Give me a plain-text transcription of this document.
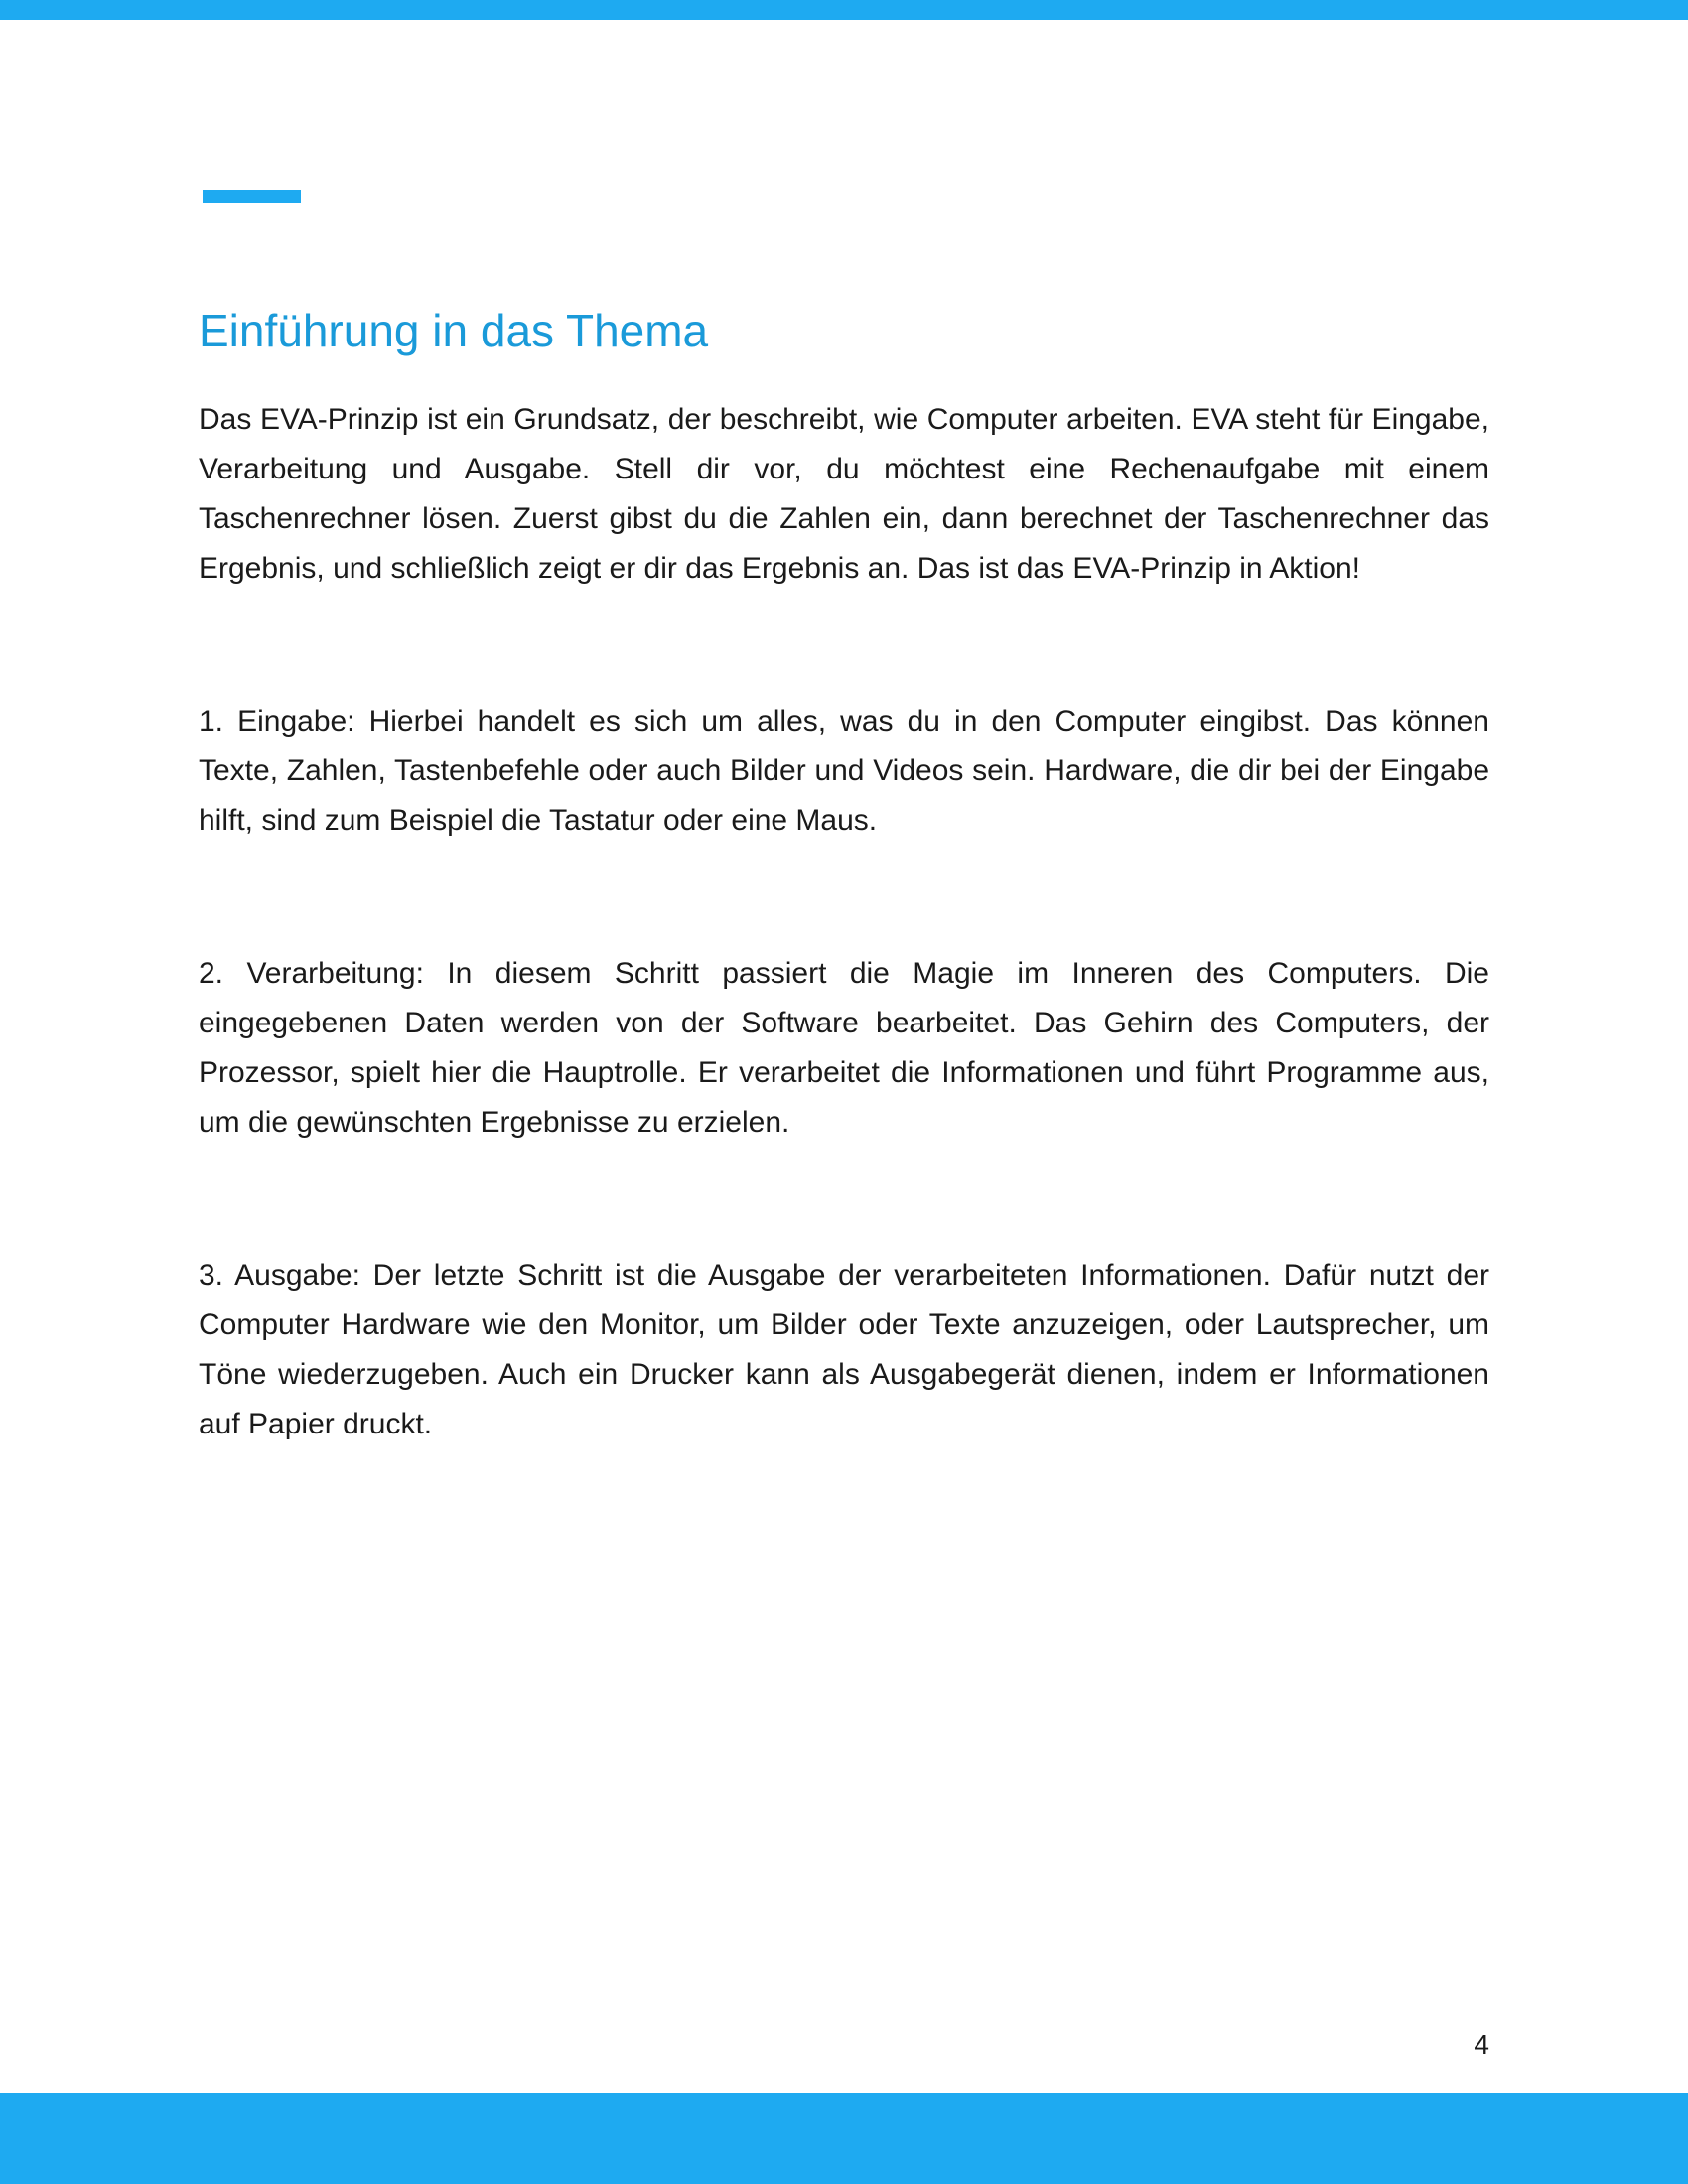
Einführung in das Thema

Das EVA-Prinzip ist ein Grundsatz, der beschreibt, wie Computer arbeiten. EVA steht für Eingabe, Verarbeitung und Ausgabe. Stell dir vor, du möchtest eine Rechenaufgabe mit einem Taschenrechner lösen. Zuerst gibst du die Zahlen ein, dann berechnet der Taschenrechner das Ergebnis, und schließlich zeigt er dir das Ergebnis an. Das ist das EVA-Prinzip in Aktion!

1. Eingabe: Hierbei handelt es sich um alles, was du in den Computer eingibst. Das können Texte, Zahlen, Tastenbefehle oder auch Bilder und Videos sein. Hardware, die dir bei der Eingabe hilft, sind zum Beispiel die Tastatur oder eine Maus.

2. Verarbeitung: In diesem Schritt passiert die Magie im Inneren des Computers. Die eingegebenen Daten werden von der Software bearbeitet. Das Gehirn des Computers, der Prozessor, spielt hier die Hauptrolle. Er verarbeitet die Informationen und führt Programme aus, um die gewünschten Ergebnisse zu erzielen.

3. Ausgabe: Der letzte Schritt ist die Ausgabe der verarbeiteten Informationen. Dafür nutzt der Computer Hardware wie den Monitor, um Bilder oder Texte anzuzeigen, oder Lautsprecher, um Töne wiederzugeben. Auch ein Drucker kann als Ausgabegerät dienen, indem er Informationen auf Papier druckt.

4
